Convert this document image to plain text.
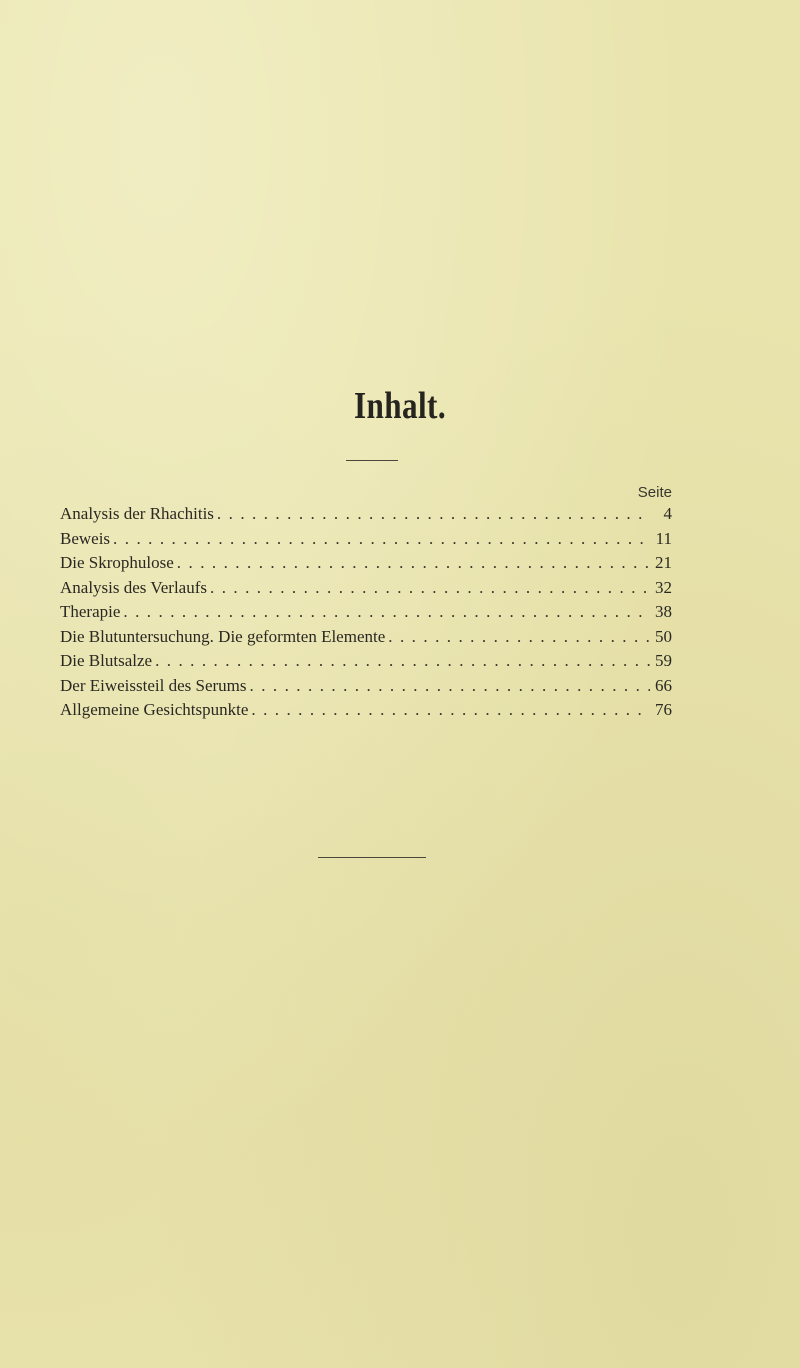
Inhalt.
Seite
Analysis der Rhachitis . . .	4
Beweis . . .	11
Die Skrophulose . . .	21
Analysis des Verlaufs . . .	32
Therapie . . .	38
Die Blutuntersuchung. Die geformten Elemente . . .	50
Die Blutsalze . . .	59
Der Eiweissteil des Serums . . .	66
Allgemeine Gesichtspunkte . . .	76
